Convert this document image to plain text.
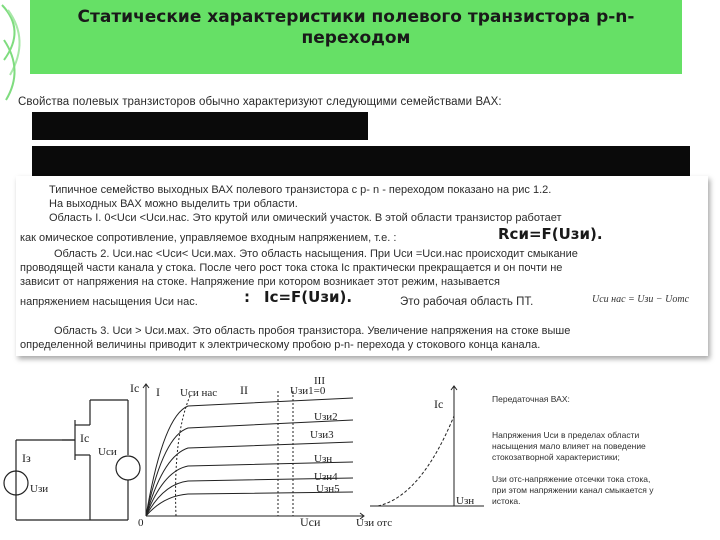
Статические характеристики полевого транзистора p-n-
переходом
Свойства полевых транзисторов обычно характеризуют следующими семействами ВАХ:
Типичное семейство выходных ВАХ полевого транзистора с p- n - переходом показано на рис 1.2.
На выходных ВАХ можно выделить три области.
Область I. 0<Uси <Uси.нас. Это крутой или омический участок. В этой области транзистор работает
как омическое сопротивление, управляемое входным напряжением, т.е. :	Rси=F(Uзи).
Область 2. Uси.нас <Uси< Uси.мах. Это область насыщения. При Uси =Uси.нас происходит смыкание
проводящей части канала у стока. После чего рост тока стока Iс практически прекращается и он почти не
зависит от напряжения на стоке. Напряжение при котором возникает этот режим, называется
напряжением насыщения Uси нас.	: Iс=F(Uзи).	Это рабочая область ПТ.	Uси нас = Uзи − Uотс
Область 3. Uси > Uси.мах. Это область пробоя транзистора. Увеличение напряжения на стоке выше
определенной величины приводит к электрическому пробою p-n- перехода у стокового конца канала.
Iз
Iс
Uси
Uзи
Iс I Uси нас II
III
Uзи1=0
Uзи2
Uзи3
Uзн
Uзн4
Uзн5
Uси
0
Iс
Uзн
Uзи отс
Передаточная ВАХ:
Напряжения Uси в пределах области
насыщения мало влияет на поведение
стокозатворной характеристики;
Uзи отс-напряжение отсечки тока стока,
при этом напряжении канал смыкается у
истока.
